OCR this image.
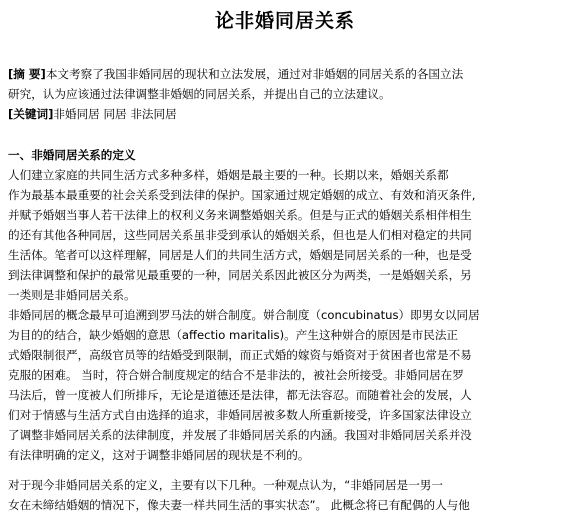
论非婚同居关系
[摘 要]本文考察了我国非婚同居的现状和立法发展，通过对非婚姻的同居关系的各国立法
研究，认为应该通过法律调整非婚姻的同居关系，并提出自己的立法建议。
[关键词]非婚同居 同居 非法同居
一、非婚同居关系的定义
人们建立家庭的共同生活方式多种多样，婚姻是最主要的一种。长期以来，婚姻关系都
作为最基本最重要的社会关系受到法律的保护。国家通过规定婚姻的成立、有效和消灭条件,
并赋予婚姻当事人若干法律上的权利义务来调整婚姻关系。但是与正式的婚姻关系相伴相生
的还有其他各种同居，这些同居关系虽非受到承认的婚姻关系，但也是人们相对稳定的共同
生活体。笔者可以这样理解，同居是人们的共同生活方式，婚姻是同居关系的一种，也是受
到法律调整和保护的最常见最重要的一种，同居关系因此被区分为两类，一是婚姻关系，另
一类则是非婚同居关系。
非婚同居的概念最早可追溯到罗马法的姘合制度。姘合制度（concubinatus）即男女以同居
为目的的结合，缺少婚姻的意思（affectio maritalis)。产生这种姘合的原因是市民法正
式婚限制很严，高级官员等的结婚受到限制，而正式婚的嫁资与婚资对于贫困者也常是不易
克服的困难。 当时，符合姘合制度规定的结合不是非法的，被社会所接受。非婚同居在罗
马法后，曾一度被人们所排斥，无论是道德还是法律，都无法容忍。而随着社会的发展，人
们对于情感与生活方式自由选择的追求，非婚同居被多数人所重新接受，许多国家法律设立
了调整非婚同居关系的法律制度，并发展了非婚同居关系的内涵。我国对非婚同居关系并没
有法律明确的定义，这对于调整非婚同居的现状是不利的。
对于现今非婚同居关系的定义，主要有以下几种。一种观点认为，“非婚同居是一男一
女在未缔结婚姻的情况下，像夫妻一样共同生活的事实状态”。 此概念将已有配偶的人与他
